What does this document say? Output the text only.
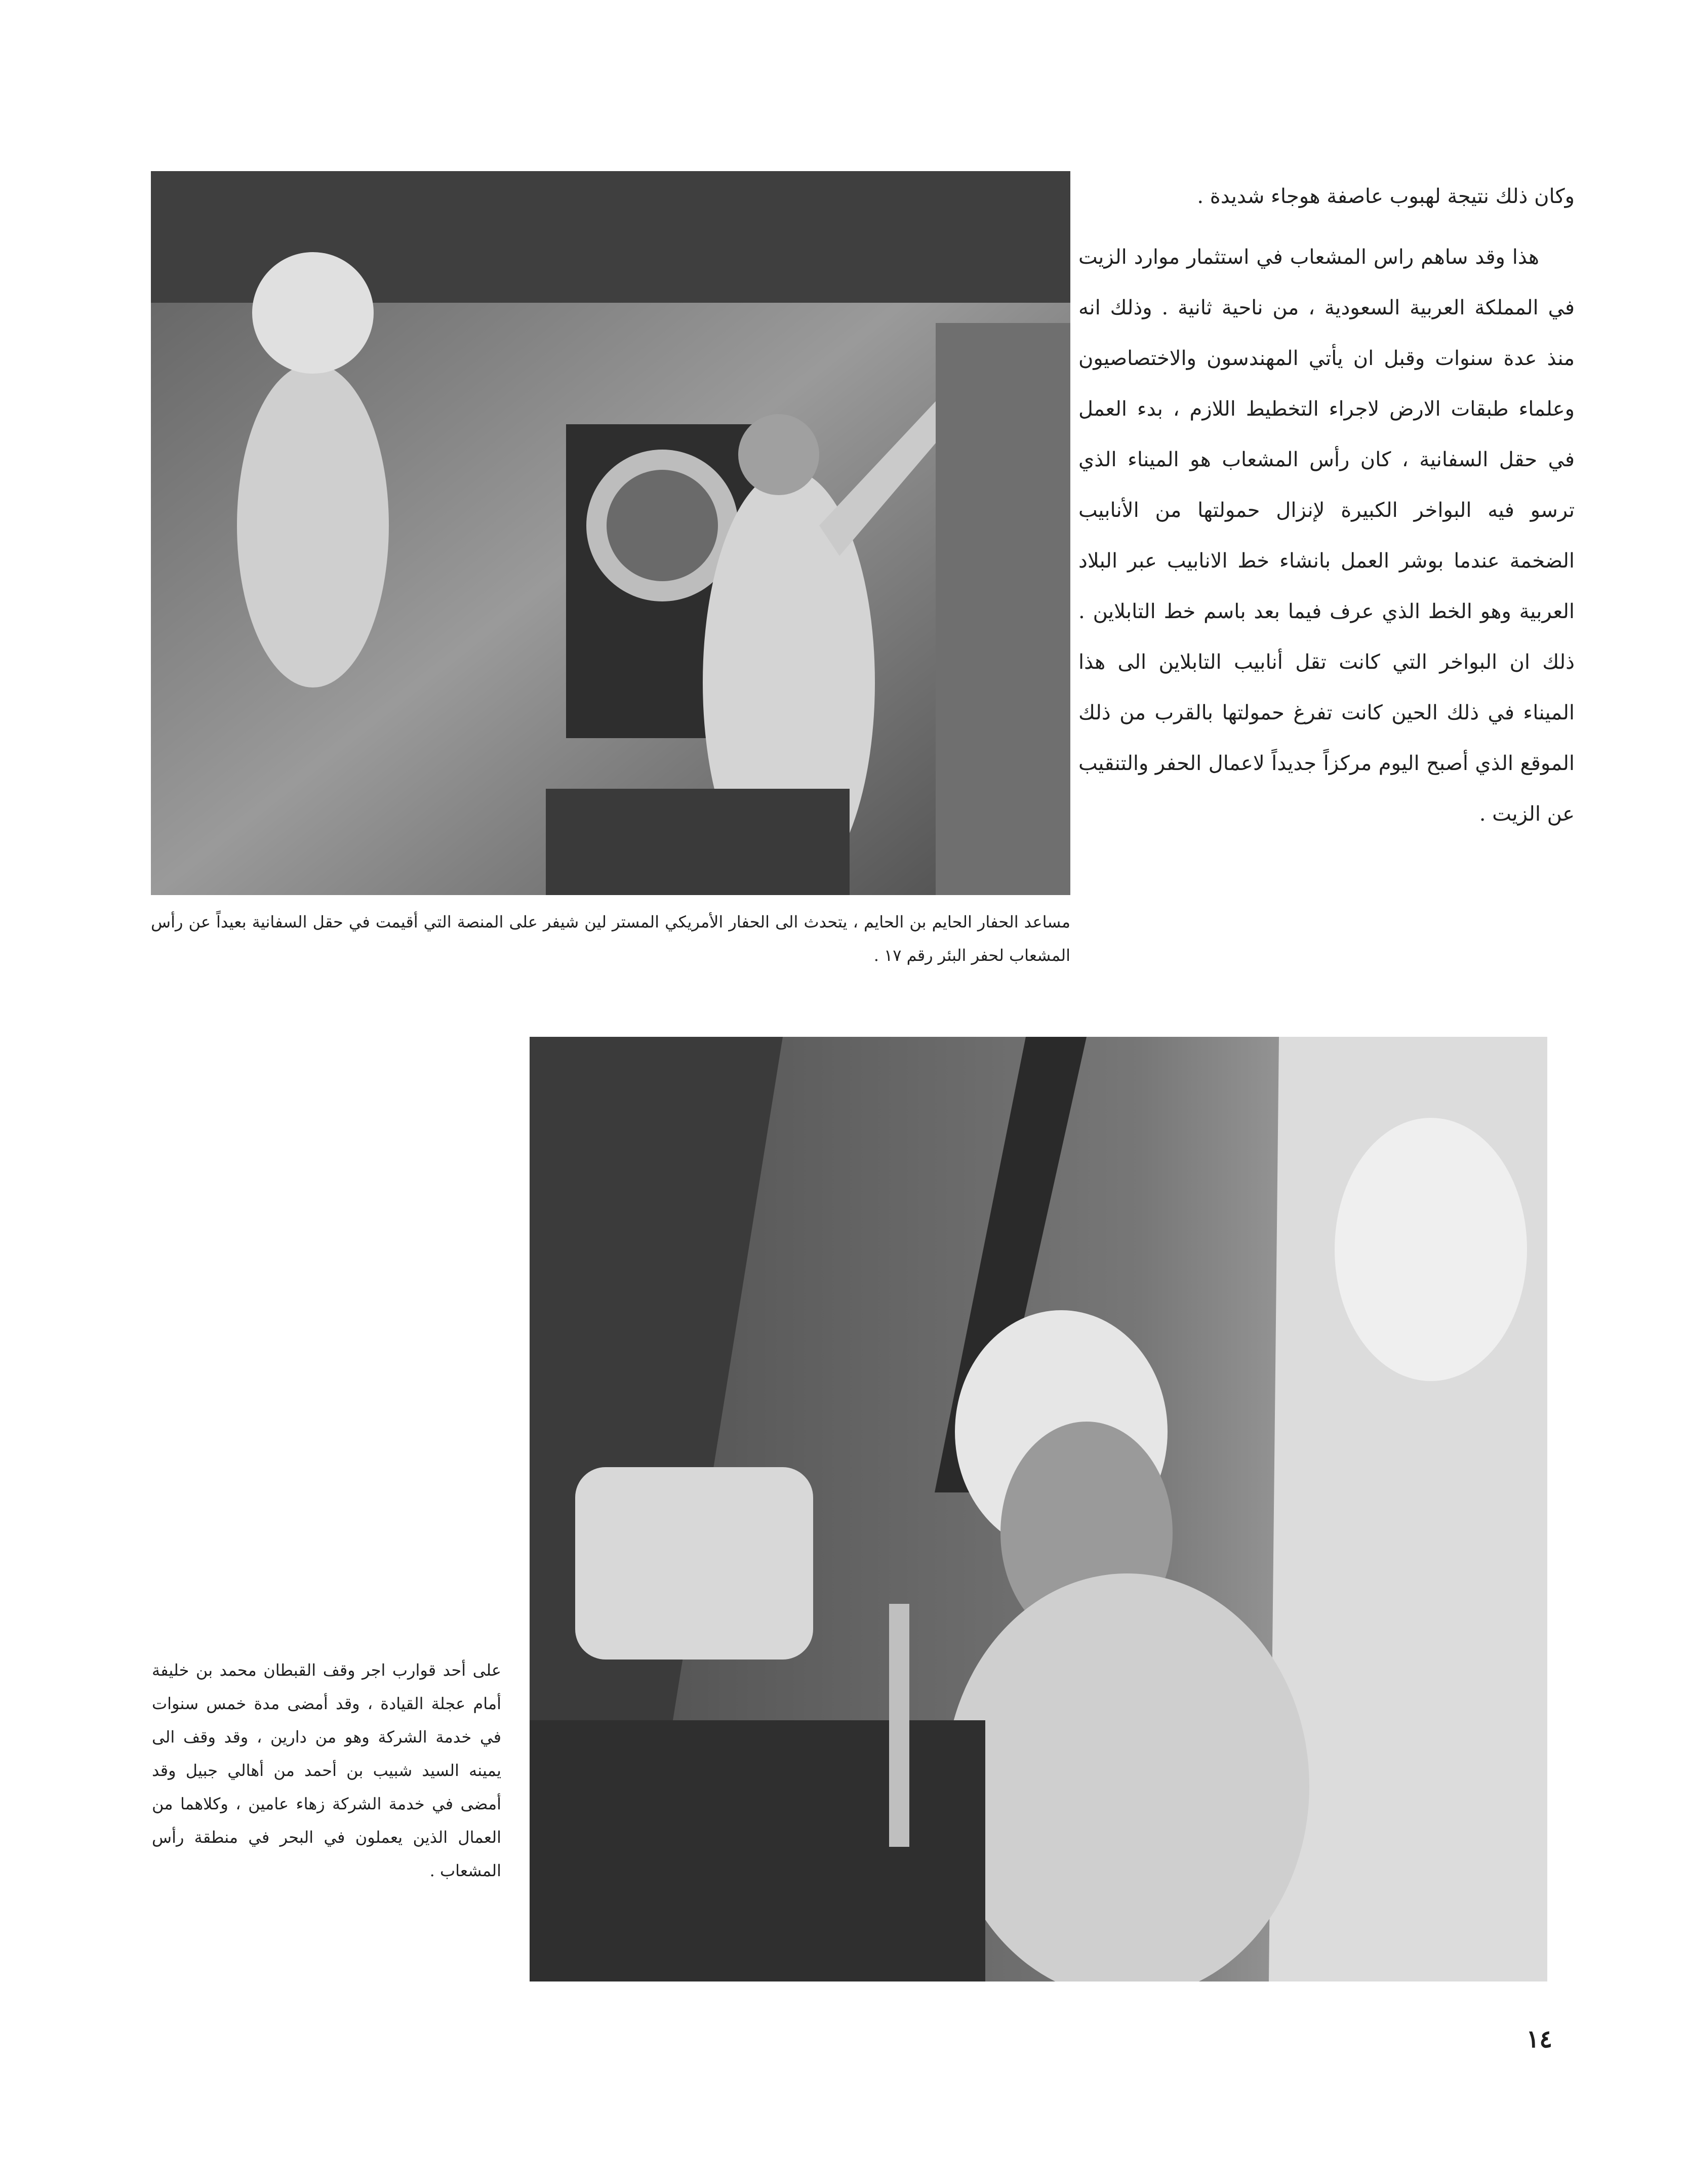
وكان ذلك نتيجة لهبوب عاصفة هوجاء شديدة .

هذا وقد ساهم راس المشعاب في استثمار موارد الزيت في المملكة العربية السعودية ، من ناحية ثانية . وذلك انه منذ عدة سنوات وقبل ان يأتي المهندسون والاختصاصيون وعلماء طبقات الارض لاجراء التخطيط اللازم ، بدء العمل في حقل السفانية ، كان رأس المشعاب هو الميناء الذي ترسو فيه البواخر الكبيرة لإنزال حمولتها من الأنابيب الضخمة عندما بوشر العمل بانشاء خط الانابيب عبر البلاد العربية وهو الخط الذي عرف فيما بعد باسم خط التابلاين . ذلك ان البواخر التي كانت تقل أنابيب التابلاين الى هذا الميناء في ذلك الحين كانت تفرغ حمولتها بالقرب من ذلك الموقع الذي أصبح اليوم مركزاً جديداً لاعمال الحفر والتنقيب عن الزيت .

مساعد الحفار الحايم بن الحايم ، يتحدث الى الحفار الأمريكي المستر لين شيفر على المنصة التي أقيمت في حقل السفانية بعيداً عن رأس المشعاب لحفر البئر رقم ١٧ .
على أحد قوارب اجر وقف القبطان محمد بن خليفة أمام عجلة القيادة ، وقد أمضى مدة خمس سنوات في خدمة الشركة وهو من دارين ، وقد وقف الى يمينه السيد شبيب بن أحمد من أهالي جبيل وقد أمضى في خدمة الشركة زهاء عامين ، وكلاهما من العمال الذين يعملون في البحر في منطقة رأس المشعاب .
١٤
